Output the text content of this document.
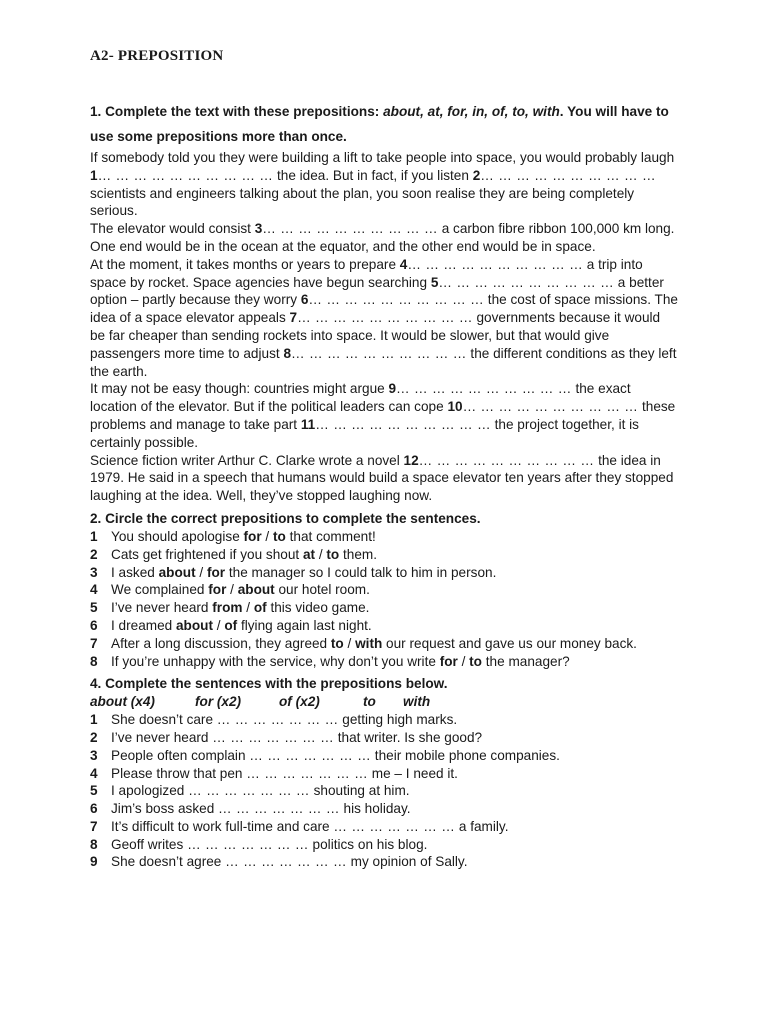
A2- PREPOSITION

1. Complete the text with these prepositions: about, at, for, in, of, to, with. You will have to use some prepositions more than once.

If somebody told you they were building a lift to take people into space, you would probably laugh 1… … … … … … … … … … the idea. But in fact, if you listen 2… … … … … … … … … … scientists and engineers talking about the plan, you soon realise they are being completely serious.

The elevator would consist 3… … … … … … … … … … a carbon fibre ribbon 100,000 km long. One end would be in the ocean at the equator, and the other end would be in space.

At the moment, it takes months or years to prepare 4… … … … … … … … … … a trip into space by rocket. Space agencies have begun searching 5… … … … … … … … … … a better option – partly because they worry 6… … … … … … … … … … the cost of space missions. The idea of a space elevator appeals 7… … … … … … … … … … governments because it would be far cheaper than sending rockets into space. It would be slower, but that would give passengers more time to adjust 8… … … … … … … … … … the different conditions as they left the earth.

It may not be easy though: countries might argue 9… … … … … … … … … … the exact location of the elevator. But if the political leaders can cope 10… … … … … … … … … … these problems and manage to take part 11… … … … … … … … … … the project together, it is certainly possible.

Science fiction writer Arthur C. Clarke wrote a novel 12… … … … … … … … … … the idea in 1979. He said in a speech that humans would build a space elevator ten years after they stopped laughing at the idea. Well, they’ve stopped laughing now.

2. Circle the correct prepositions to complete the sentences.

1 You should apologise for / to that comment!
2 Cats get frightened if you shout at / to them.
3 I asked about / for the manager so I could talk to him in person.
4 We complained for / about our hotel room.
5 I’ve never heard from / of this video game.
6 I dreamed about / of flying again last night.
7 After a long discussion, they agreed to / with our request and gave us our money back.
8 If you’re unhappy with the service, why don’t you write for / to the manager?

4. Complete the sentences with the prepositions below.

about (x4)	for (x2)	of (x2)	to	with
1 She doesn’t care … … … … … … … getting high marks.
2 I’ve never heard … … … … … … … that writer. Is she good?
3 People often complain … … … … … … … their mobile phone companies.
4 Please throw that pen … … … … … … … me – I need it.
5 I apologized … … … … … … … shouting at him.
6 Jim’s boss asked … … … … … … … his holiday.
7 It’s difficult to work full-time and care … … … … … … … a family.
8 Geoff writes … … … … … … … politics on his blog.
9 She doesn’t agree … … … … … … … my opinion of Sally.
